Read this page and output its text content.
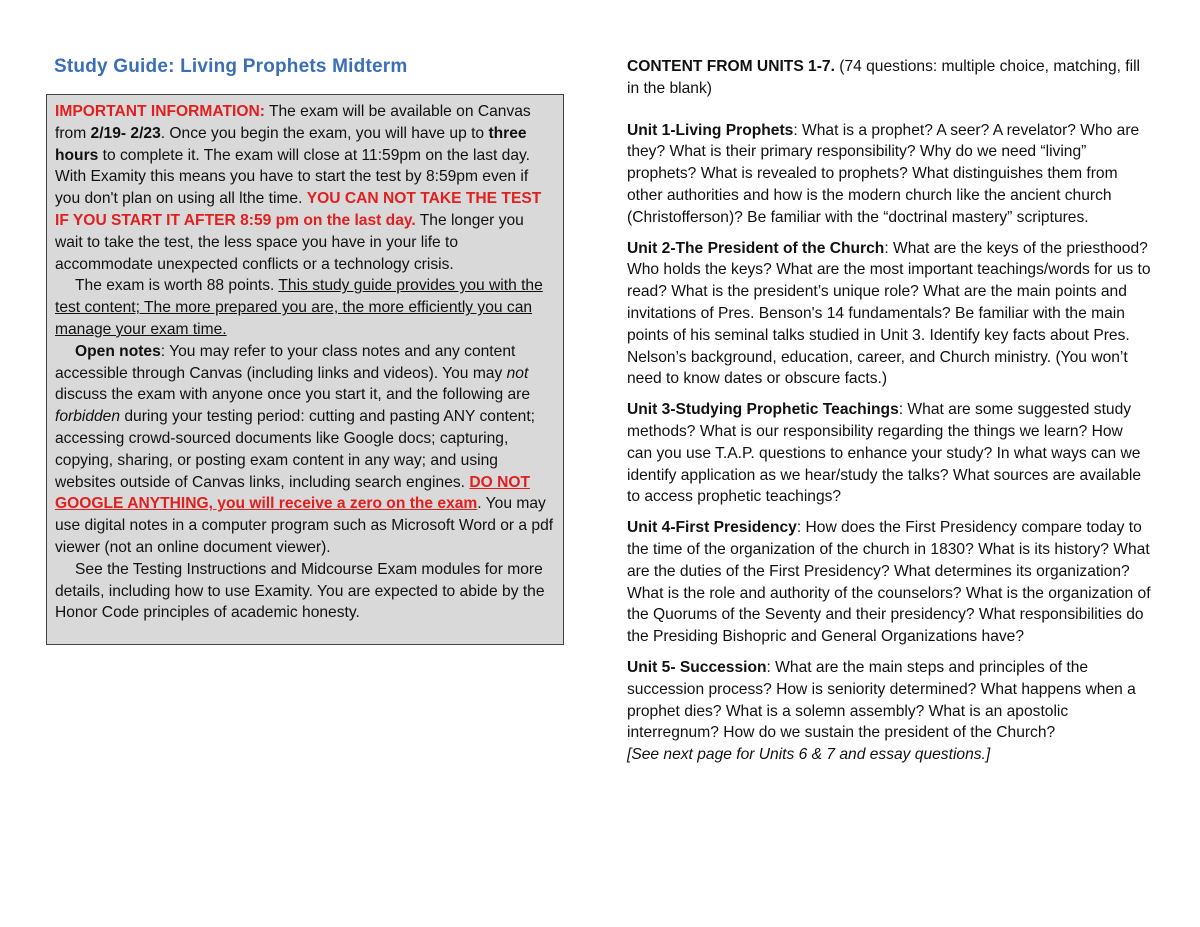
Study Guide: Living Prophets Midterm

IMPORTANT INFORMATION: The exam will be available on Canvas from 2/19- 2/23. Once you begin the exam, you will have up to three hours to complete it. The exam will close at 11:59pm on the last day. With Examity this means you have to start the test by 8:59pm even if you don't plan on using all lthe time. YOU CAN NOT TAKE THE TEST IF YOU START IT AFTER 8:59 pm on the last day. The longer you wait to take the test, the less space you have in your life to accommodate unexpected conflicts or a technology crisis.

The exam is worth 88 points. This study guide provides you with the test content; The more prepared you are, the more efficiently you can manage your exam time.

Open notes: You may refer to your class notes and any content accessible through Canvas (including links and videos). You may not discuss the exam with anyone once you start it, and the following are forbidden during your testing period: cutting and pasting ANY content; accessing crowd-sourced documents like Google docs; capturing, copying, sharing, or posting exam content in any way; and using websites outside of Canvas links, including search engines. DO NOT GOOGLE ANYTHING, you will receive a zero on the exam. You may use digital notes in a computer program such as Microsoft Word or a pdf viewer (not an online document viewer).

See the Testing Instructions and Midcourse Exam modules for more details, including how to use Examity. You are expected to abide by the Honor Code principles of academic honesty.

CONTENT FROM UNITS 1-7. (74 questions: multiple choice, matching, fill in the blank)

Unit 1-Living Prophets: What is a prophet? A seer? A revelator? Who are they? What is their primary responsibility? Why do we need “living” prophets? What is revealed to prophets? What distinguishes them from other authorities and how is the modern church like the ancient church (Christofferson)? Be familiar with the “doctrinal mastery” scriptures.

Unit 2-The President of the Church: What are the keys of the priesthood? Who holds the keys? What are the most important teachings/words for us to read? What is the president’s unique role? What are the main points and invitations of Pres. Benson's 14 fundamentals? Be familiar with the main points of his seminal talks studied in Unit 3. Identify key facts about Pres. Nelson’s background, education, career, and Church ministry. (You won’t need to know dates or obscure facts.)

Unit 3-Studying Prophetic Teachings: What are some suggested study methods? What is our responsibility regarding the things we learn? How can you use T.A.P. questions to enhance your study? In what ways can we identify application as we hear/study the talks? What sources are available to access prophetic teachings?

Unit 4-First Presidency: How does the First Presidency compare today to the time of the organization of the church in 1830? What is its history? What are the duties of the First Presidency? What determines its organization? What is the role and authority of the counselors? What is the organization of the Quorums of the Seventy and their presidency? What responsibilities do the Presiding Bishopric and General Organizations have?

Unit 5- Succession: What are the main steps and principles of the succession process? How is seniority determined? What happens when a prophet dies? What is a solemn assembly? What is an apostolic interregnum? How do we sustain the president of the Church?

[See next page for Units 6 & 7 and essay questions.]
